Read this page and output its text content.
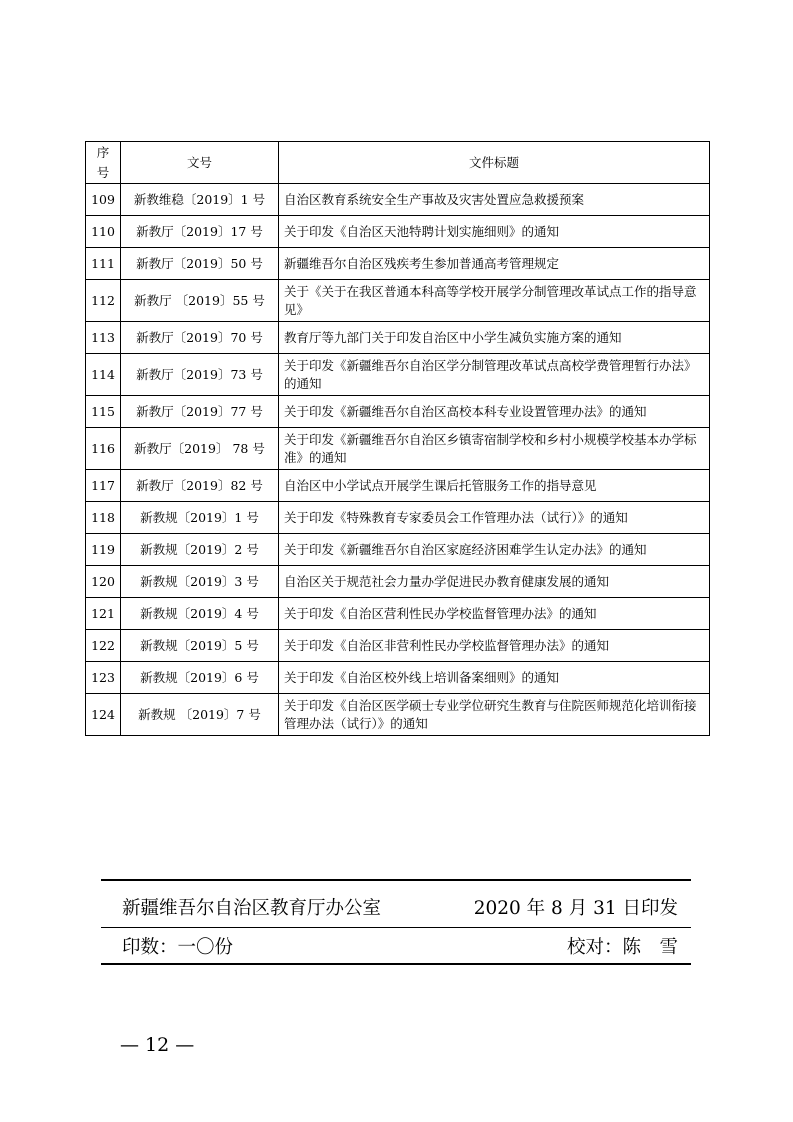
序号	文号	文件标题
109	新教维稳〔2019〕1 号	自治区教育系统安全生产事故及灾害处置应急救援预案
110	新教厅〔2019〕17 号	关于印发《自治区天池特聘计划实施细则》的通知
111	新教厅〔2019〕50 号	新疆维吾尔自治区残疾考生参加普通高考管理规定
112	新教厅 〔2019〕55 号	关于《关于在我区普通本科高等学校开展学分制管理改革试点工作的指导意见》
113	新教厅〔2019〕70 号	教育厅等九部门关于印发自治区中小学生减负实施方案的通知
114	新教厅〔2019〕73 号	关于印发《新疆维吾尔自治区学分制管理改革试点高校学费管理暂行办法》的通知
115	新教厅〔2019〕77 号	关于印发《新疆维吾尔自治区高校本科专业设置管理办法》的通知
116	新教厅〔2019〕 78 号	关于印发《新疆维吾尔自治区乡镇寄宿制学校和乡村小规模学校基本办学标准》的通知
117	新教厅〔2019〕82 号	自治区中小学试点开展学生课后托管服务工作的指导意见
118	新教规〔2019〕1 号	关于印发《特殊教育专家委员会工作管理办法（试行）》的通知
119	新教规〔2019〕2 号	关于印发《新疆维吾尔自治区家庭经济困难学生认定办法》的通知
120	新教规〔2019〕3 号	自治区关于规范社会力量办学促进民办教育健康发展的通知
121	新教规〔2019〕4 号	关于印发《自治区营利性民办学校监督管理办法》的通知
122	新教规〔2019〕5 号	关于印发《自治区非营利性民办学校监督管理办法》的通知
123	新教规〔2019〕6 号	关于印发《自治区校外线上培训备案细则》的通知
124	新教规 〔2019〕7 号	关于印发《自治区医学硕士专业学位研究生教育与住院医师规范化培训衔接管理办法（试行）》的通知
新疆维吾尔自治区教育厅办公室	2020 年 8 月 31 日印发
印数：一〇份	校对：陈　雪
— 12 —
